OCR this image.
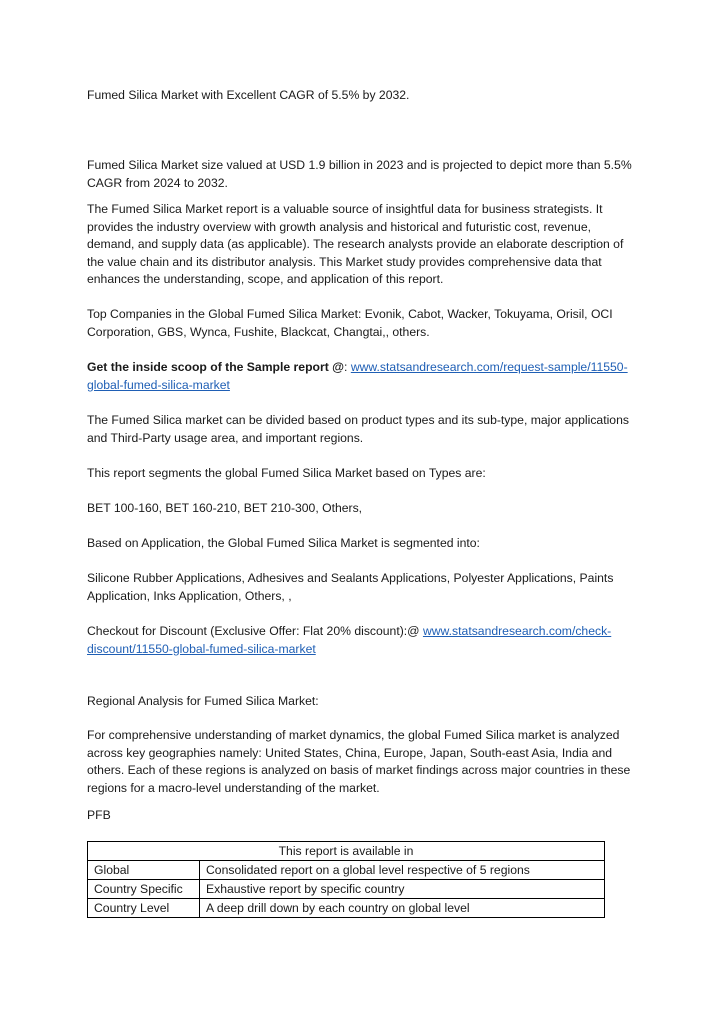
Fumed Silica Market with Excellent CAGR of 5.5% by 2032.

Fumed Silica Market size valued at USD 1.9 billion in 2023 and is projected to depict more than 5.5% CAGR from 2024 to 2032.

The Fumed Silica Market report is a valuable source of insightful data for business strategists. It provides the industry overview with growth analysis and historical and futuristic cost, revenue, demand, and supply data (as applicable). The research analysts provide an elaborate description of the value chain and its distributor analysis. This Market study provides comprehensive data that enhances the understanding, scope, and application of this report.

Top Companies in the Global Fumed Silica Market: Evonik, Cabot, Wacker, Tokuyama, Orisil, OCI Corporation, GBS, Wynca, Fushite, Blackcat, Changtai,, others.

Get the inside scoop of the Sample report @: www.statsandresearch.com/request-sample/11550-global-fumed-silica-market

The Fumed Silica market can be divided based on product types and its sub-type, major applications and Third-Party usage area, and important regions.

This report segments the global Fumed Silica Market based on Types are:

BET 100-160, BET 160-210, BET 210-300, Others,

Based on Application, the Global Fumed Silica Market is segmented into:

Silicone Rubber Applications, Adhesives and Sealants Applications, Polyester Applications, Paints Application, Inks Application, Others, ,

Checkout for Discount (Exclusive Offer: Flat 20% discount):@ www.statsandresearch.com/check-discount/11550-global-fumed-silica-market

Regional Analysis for Fumed Silica Market:

For comprehensive understanding of market dynamics, the global Fumed Silica market is analyzed across key geographies namely: United States, China, Europe, Japan, South-east Asia, India and others. Each of these regions is analyzed on basis of market findings across major countries in these regions for a macro-level understanding of the market.

PFB

This report is available in	
Global	Consolidated report on a global level respective of 5 regions
Country Specific	Exhaustive report by specific country
Country Level	A deep drill down by each country on global level
